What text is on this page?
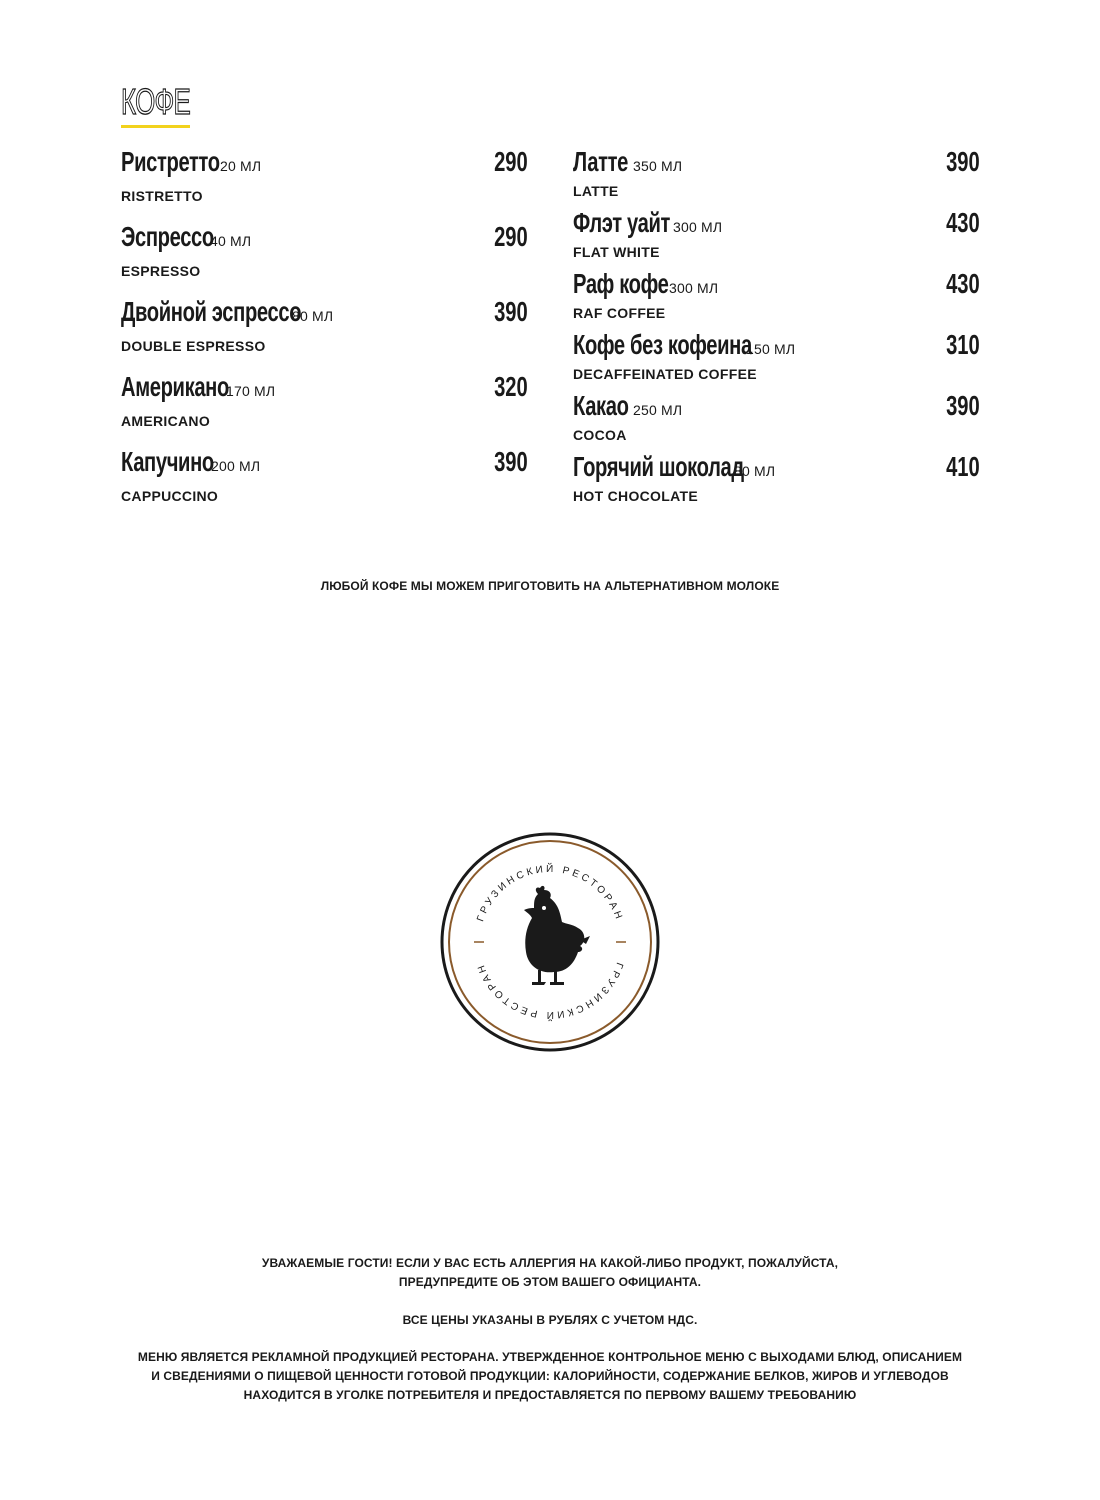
КОФЕ
Ристретто 20 МЛ	290
RISTRETTO
Эспрессо
40 МЛ	290
ESPRESSO
Двойной эспрессо
80 МЛ	390
DOUBLE ESPRESSO
Американо
170 МЛ	320
AMERICANO
Капучино
200 МЛ	390
CAPPUCCINO
Латте 350 МЛ	390
LATTE
Флэт уайт 300 МЛ	430
FLAT WHITE
Раф кофе 300 МЛ	430
RAF COFFEE
Кофе без кофеина
150 МЛ	310
DECAFFEINATED COFFEE
Какао 250 МЛ	390
COCOA
Горячий шоколад
80 МЛ	410
HOT CHOCOLATE
ЛЮБОЙ КОФЕ МЫ МОЖЕМ ПРИГОТОВИТЬ НА АЛЬТЕРНАТИВНОМ МОЛОКЕ
ГРУЗИНСКИЙ РЕСТОРАН
ГРУЗИНСКИЙ РЕСТОРАН

УВАЖАЕМЫЕ ГОСТИ! ЕСЛИ У ВАС ЕСТЬ АЛЛЕРГИЯ НА КАКОЙ-ЛИБО ПРОДУКТ, ПОЖАЛУЙСТА,

ПРЕДУПРЕДИТЕ ОБ ЭТОМ ВАШЕГО ОФИЦИАНТА.

ВСЕ ЦЕНЫ УКАЗАНЫ В РУБЛЯХ С УЧЕТОМ НДС.

МЕНЮ ЯВЛЯЕТСЯ РЕКЛАМНОЙ ПРОДУКЦИЕЙ РЕСТОРАНА. УТВЕРЖДЕННОЕ КОНТРОЛЬНОЕ МЕНЮ С ВЫХОДАМИ БЛЮД, ОПИСАНИЕМ

И СВЕДЕНИЯМИ О ПИЩЕВОЙ ЦЕННОСТИ ГОТОВОЙ ПРОДУКЦИИ: КАЛОРИЙНОСТИ, СОДЕРЖАНИЕ БЕЛКОВ, ЖИРОВ И УГЛЕВОДОВ

НАХОДИТСЯ В УГОЛКЕ ПОТРЕБИТЕЛЯ И ПРЕДОСТАВЛЯЕТСЯ ПО ПЕРВОМУ ВАШЕМУ ТРЕБОВАНИЮ
